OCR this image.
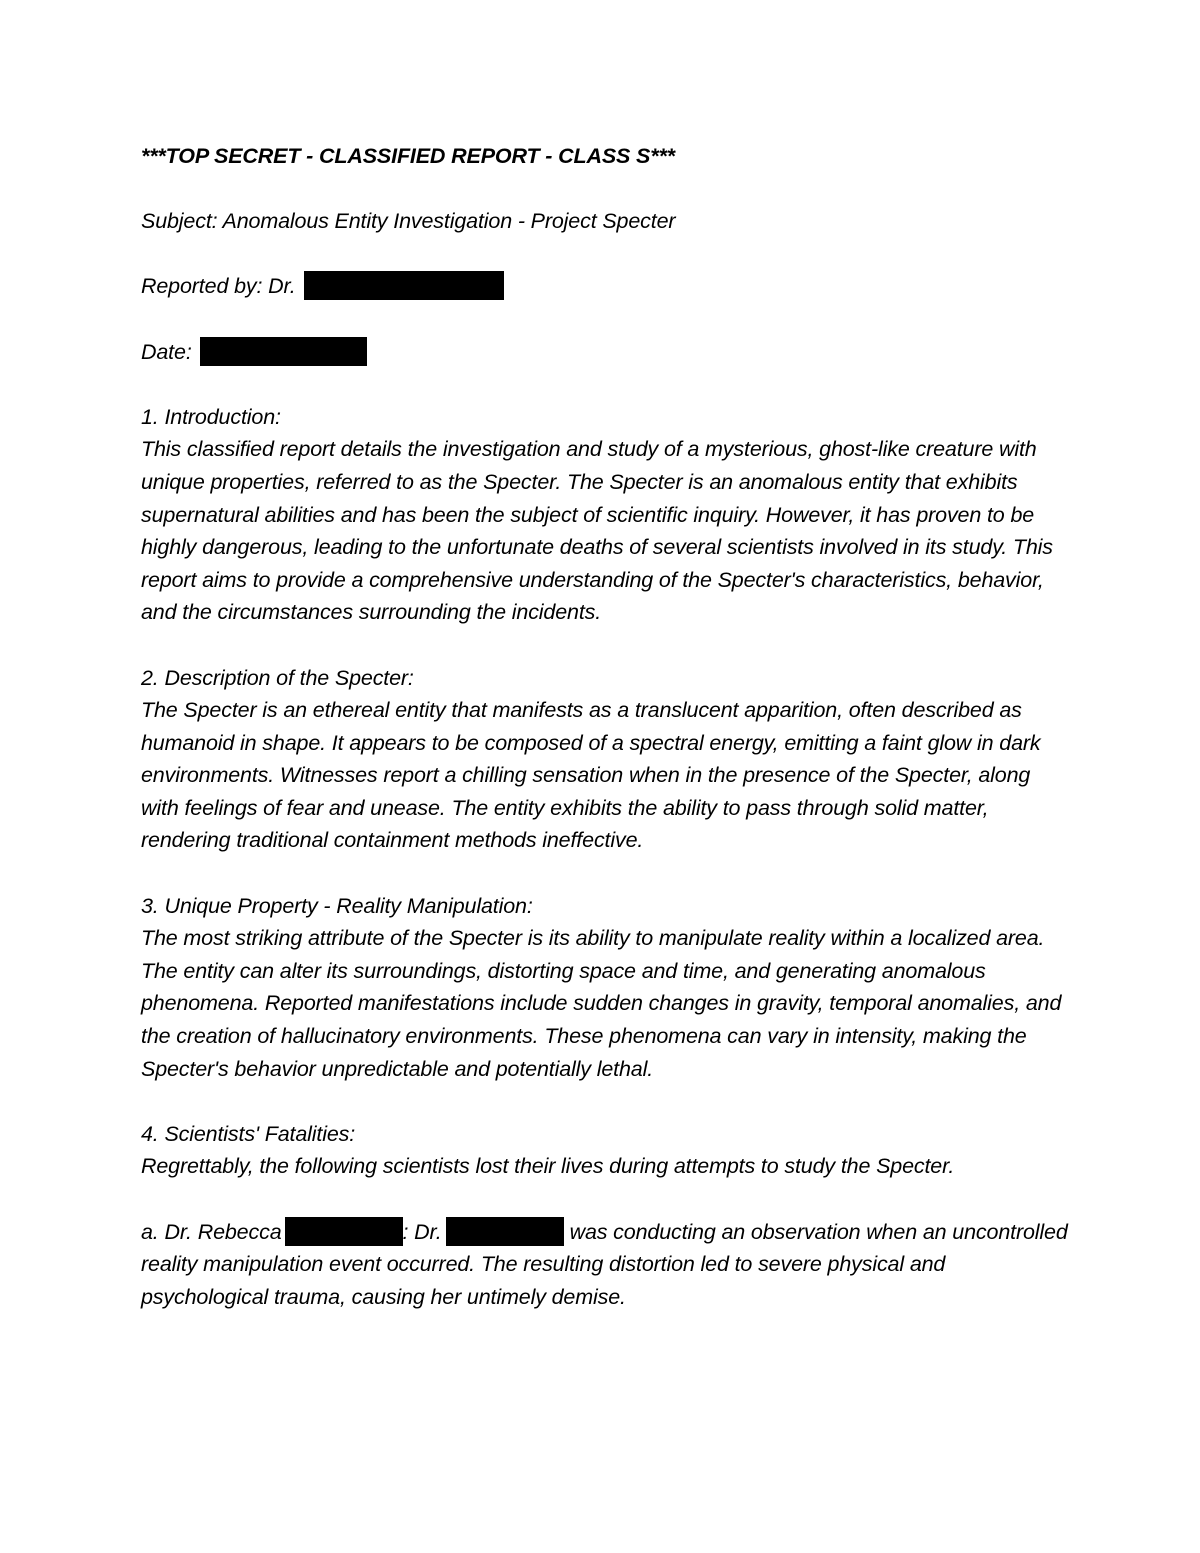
***TOP SECRET - CLASSIFIED REPORT - CLASS S***

Subject: Anomalous Entity Investigation - Project Specter

Reported by: Dr.

Date:

1. Introduction:

This classified report details the investigation and study of a mysterious, ghost-like creature with unique properties, referred to as the Specter. The Specter is an anomalous entity that exhibits supernatural abilities and has been the subject of scientific inquiry. However, it has proven to be highly dangerous, leading to the unfortunate deaths of several scientists involved in its study. This report aims to provide a comprehensive understanding of the Specter's characteristics, behavior, and the circumstances surrounding the incidents.

2. Description of the Specter:

The Specter is an ethereal entity that manifests as a translucent apparition, often described as humanoid in shape. It appears to be composed of a spectral energy, emitting a faint glow in dark environments. Witnesses report a chilling sensation when in the presence of the Specter, along with feelings of fear and unease. The entity exhibits the ability to pass through solid matter, rendering traditional containment methods ineffective.

3. Unique Property - Reality Manipulation:

The most striking attribute of the Specter is its ability to manipulate reality within a localized area. The entity can alter its surroundings, distorting space and time, and generating anomalous phenomena. Reported manifestations include sudden changes in gravity, temporal anomalies, and the creation of hallucinatory environments. These phenomena can vary in intensity, making the Specter's behavior unpredictable and potentially lethal.

4. Scientists' Fatalities:

Regrettably, the following scientists lost their lives during attempts to study the Specter.

a. Dr. Rebecca	: Dr.	was conducting an observation when an uncontrolled reality manipulation event occurred. The resulting distortion led to severe physical and psychological trauma, causing her untimely demise.
